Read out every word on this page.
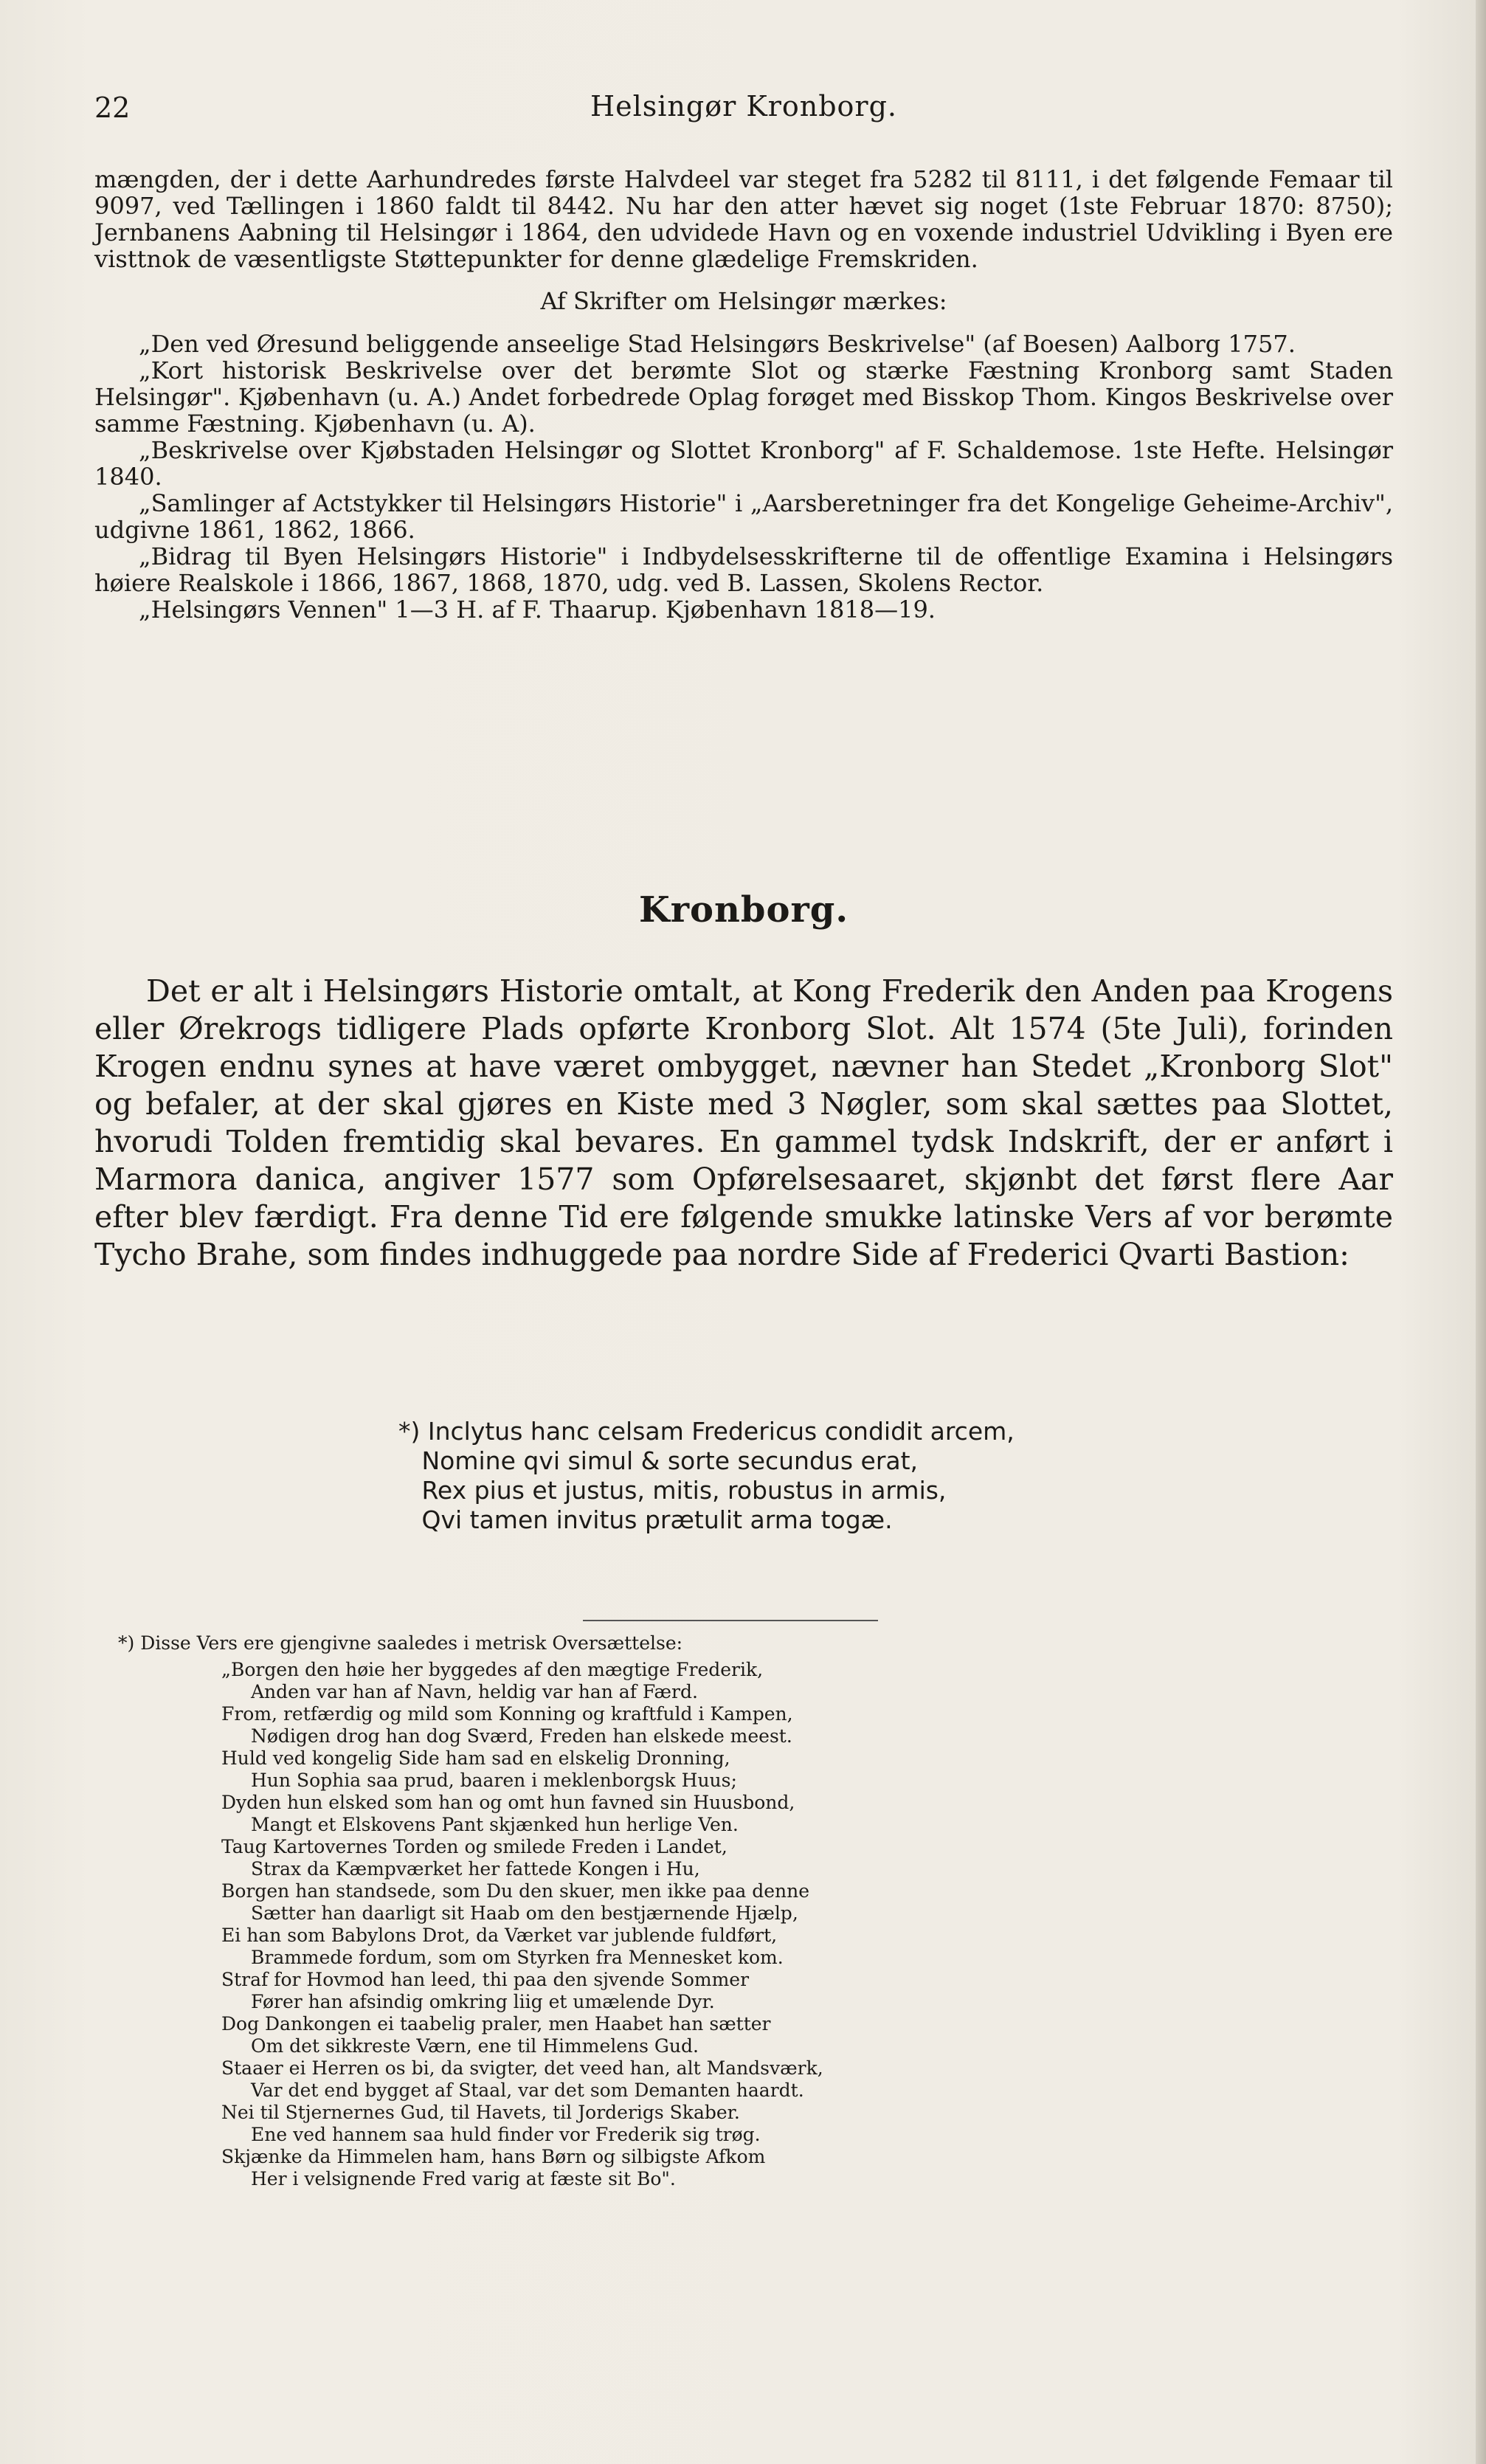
22	Helsingør Kronborg.
mængden, der i dette Aarhundredes første Halvdeel var steget fra 5282 til 8111, i det følgende Femaar til 9097, ved Tællingen i 1860 faldt til 8442. Nu har den atter hævet sig noget (1ste Februar 1870: 8750); Jernbanens Aabning til Helsingør i 1864, den udvidede Havn og en voxende industriel Udvikling i Byen ere visttnok de væsentligste Støttepunkter for denne glædelige Fremskriden.
Af Skrifter om Helsingør mærkes:

„Den ved Øresund beliggende anseelige Stad Helsingørs Beskrivelse" (af Boesen) Aalborg 1757.

„Kort historisk Beskrivelse over det berømte Slot og stærke Fæstning Kronborg samt Staden Helsingør". Kjøbenhavn (u. A.) Andet forbedrede Oplag forøget med Bisskop Thom. Kingos Beskrivelse over samme Fæstning. Kjøbenhavn (u. A).

„Beskrivelse over Kjøbstaden Helsingør og Slottet Kronborg" af F. Schaldemose. 1ste Hefte. Helsingør 1840.

„Samlinger af Actstykker til Helsingørs Historie" i „Aarsberetninger fra det Kongelige Geheime-Archiv", udgivne 1861, 1862, 1866.

„Bidrag til Byen Helsingørs Historie" i Indbydelsesskrifterne til de offentlige Examina i Helsingørs høiere Realskole i 1866, 1867, 1868, 1870, udg. ved B. Lassen, Skolens Rector.

„Helsingørs Vennen" 1—3 H. af F. Thaarup. Kjøbenhavn 1818—19.

Kronborg.
Det er alt i Helsingørs Historie omtalt, at Kong Frederik den Anden paa Krogens eller Ørekrogs tidligere Plads opførte Kronborg Slot. Alt 1574 (5te Juli), forinden Krogen endnu synes at have været ombygget, nævner han Stedet „Kronborg Slot" og befaler, at der skal gjøres en Kiste med 3 Nøgler, som skal sættes paa Slottet, hvorudi Tolden fremtidig skal bevares. En gammel tydsk Indskrift, der er anført i Marmora danica, angiver 1577 som Opførelsesaaret, skjønbt det først flere Aar efter blev færdigt. Fra denne Tid ere følgende smukke latinske Vers af vor berømte Tycho Brahe, som findes indhuggede paa nordre Side af Frederici Qvarti Bastion:
*) Inclytus hanc celsam Fredericus condidit arcem,
Nomine qvi simul & sorte secundus erat,
Rex pius et justus, mitis, robustus in armis,
Qvi tamen invitus prætulit arma togæ.
*) Disse Vers ere gjengivne saaledes i metrisk Oversættelse:
„Borgen den høie her byggedes af den mægtige Frederik,
Anden var han af Navn, heldig var han af Færd.
From, retfærdig og mild som Konning og kraftfuld i Kampen,
Nødigen drog han dog Sværd, Freden han elskede meest.
Huld ved kongelig Side ham sad en elskelig Dronning,
Hun Sophia saa prud, baaren i meklenborgsk Huus;
Dyden hun elsked som han og omt hun favned sin Huusbond,
Mangt et Elskovens Pant skjænked hun herlige Ven.
Taug Kartovernes Torden og smilede Freden i Landet,
Strax da Kæmpværket her fattede Kongen i Hu,
Borgen han standsede, som Du den skuer, men ikke paa denne
Sætter han daarligt sit Haab om den bestjærnende Hjælp,
Ei han som Babylons Drot, da Værket var jublende fuldført,
Brammede fordum, som om Styrken fra Mennesket kom.
Straf for Hovmod han leed, thi paa den sjvende Sommer
Fører han afsindig omkring liig et umælende Dyr.
Dog Dankongen ei taabelig praler, men Haabet han sætter
Om det sikkreste Værn, ene til Himmelens Gud.
Staaer ei Herren os bi, da svigter, det veed han, alt Mandsværk,
Var det end bygget af Staal, var det som Demanten haardt.
Nei til Stjernernes Gud, til Havets, til Jorderigs Skaber.
Ene ved hannem saa huld finder vor Frederik sig trøg.
Skjænke da Himmelen ham, hans Børn og silbigste Afkom
Her i velsignende Fred varig at fæste sit Bo".
